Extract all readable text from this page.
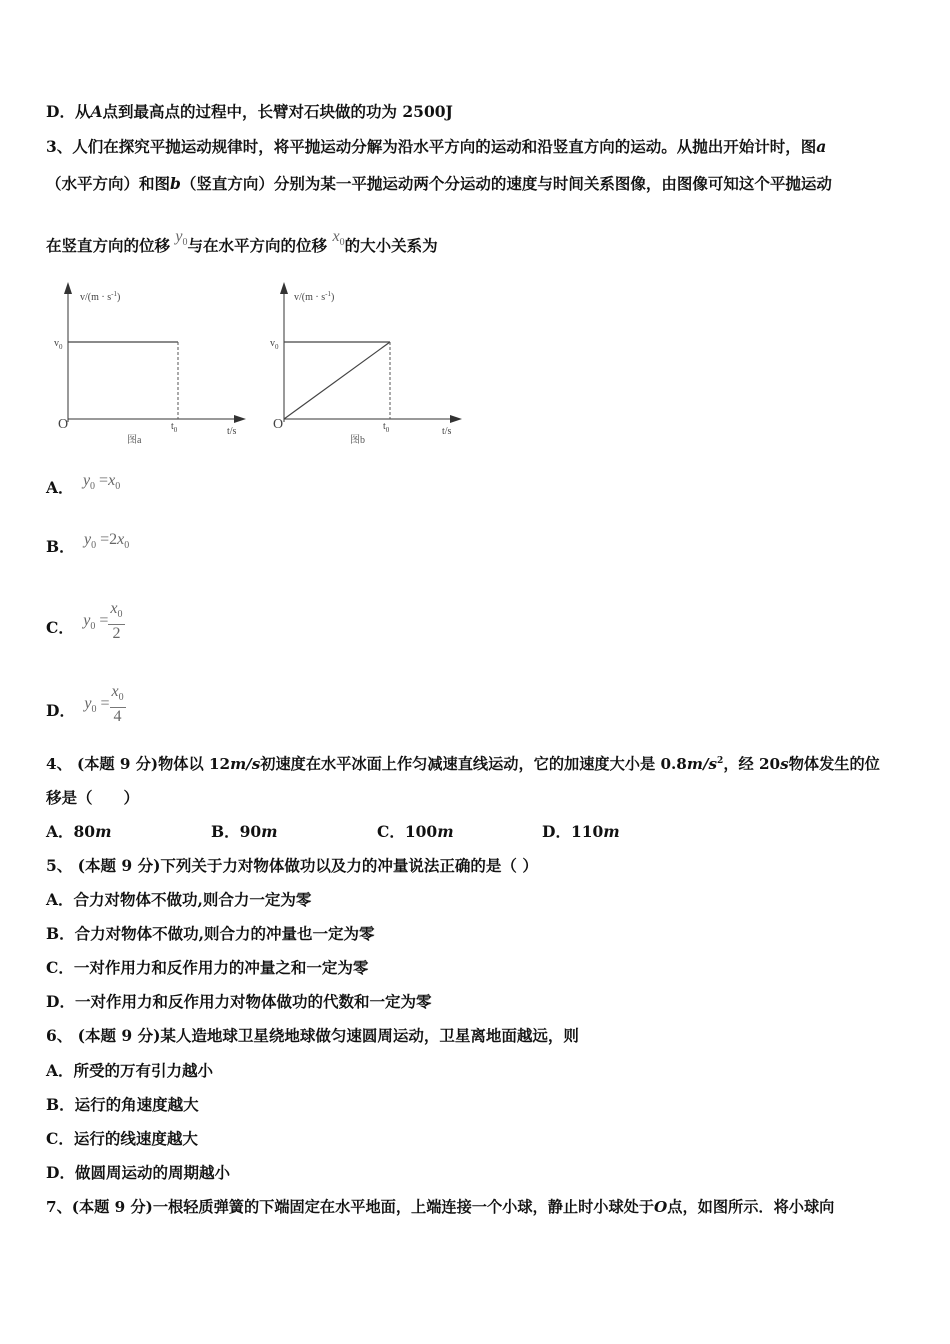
D．从A点到最高点的过程中，长臂对石块做的功为 2500J
3、人们在探究平抛运动规律时，将平抛运动分解为沿水平方向的运动和沿竖直方向的运动。从抛出开始计时，图a
（水平方向）和图b（竖直方向）分别为某一平抛运动两个分运动的速度与时间关系图像，由图像可知这个平抛运动
在竖直方向的位移 $y_0$与在水平方向的位移 $x_0$的大小关系为
$v/(m \cdot s^{-1})$
$v_0$
O	$t_0$	t/s
图a
$v/(m \cdot s^{-1})$
$v_0$
O	$t_0$	t/s
图b
A． $y_0 =x_0$
B． $y_0 =2x_0$
C． $y_0 = \frac{x_0}{2}$
D． $y_0 = \frac{x_0}{4}$
4、 (本题 9 分)物体以 12m/s初速度在水平冰面上作匀减速直线运动，它的加速度大小是 $0.8m/s^2$，经 20s物体发生的位
移是（　　）
A．80m	B．90m	C．100m	D．110m
5、 (本题 9 分)下列关于力对物体做功以及力的冲量说法正确的是（ ）
A．合力对物体不做功,则合力一定为零
B．合力对物体不做功,则合力的冲量也一定为零
C．一对作用力和反作用力的冲量之和一定为零
D．一对作用力和反作用力对物体做功的代数和一定为零
6、 (本题 9 分)某人造地球卫星绕地球做匀速圆周运动，卫星离地面越远，则
A．所受的万有引力越小
B．运行的角速度越大
C．运行的线速度越大
D．做圆周运动的周期越小
7、(本题 9 分)一根轻质弹簧的下端固定在水平地面，上端连接一个小球，静止时小球处于O点，如图所示．将小球向
